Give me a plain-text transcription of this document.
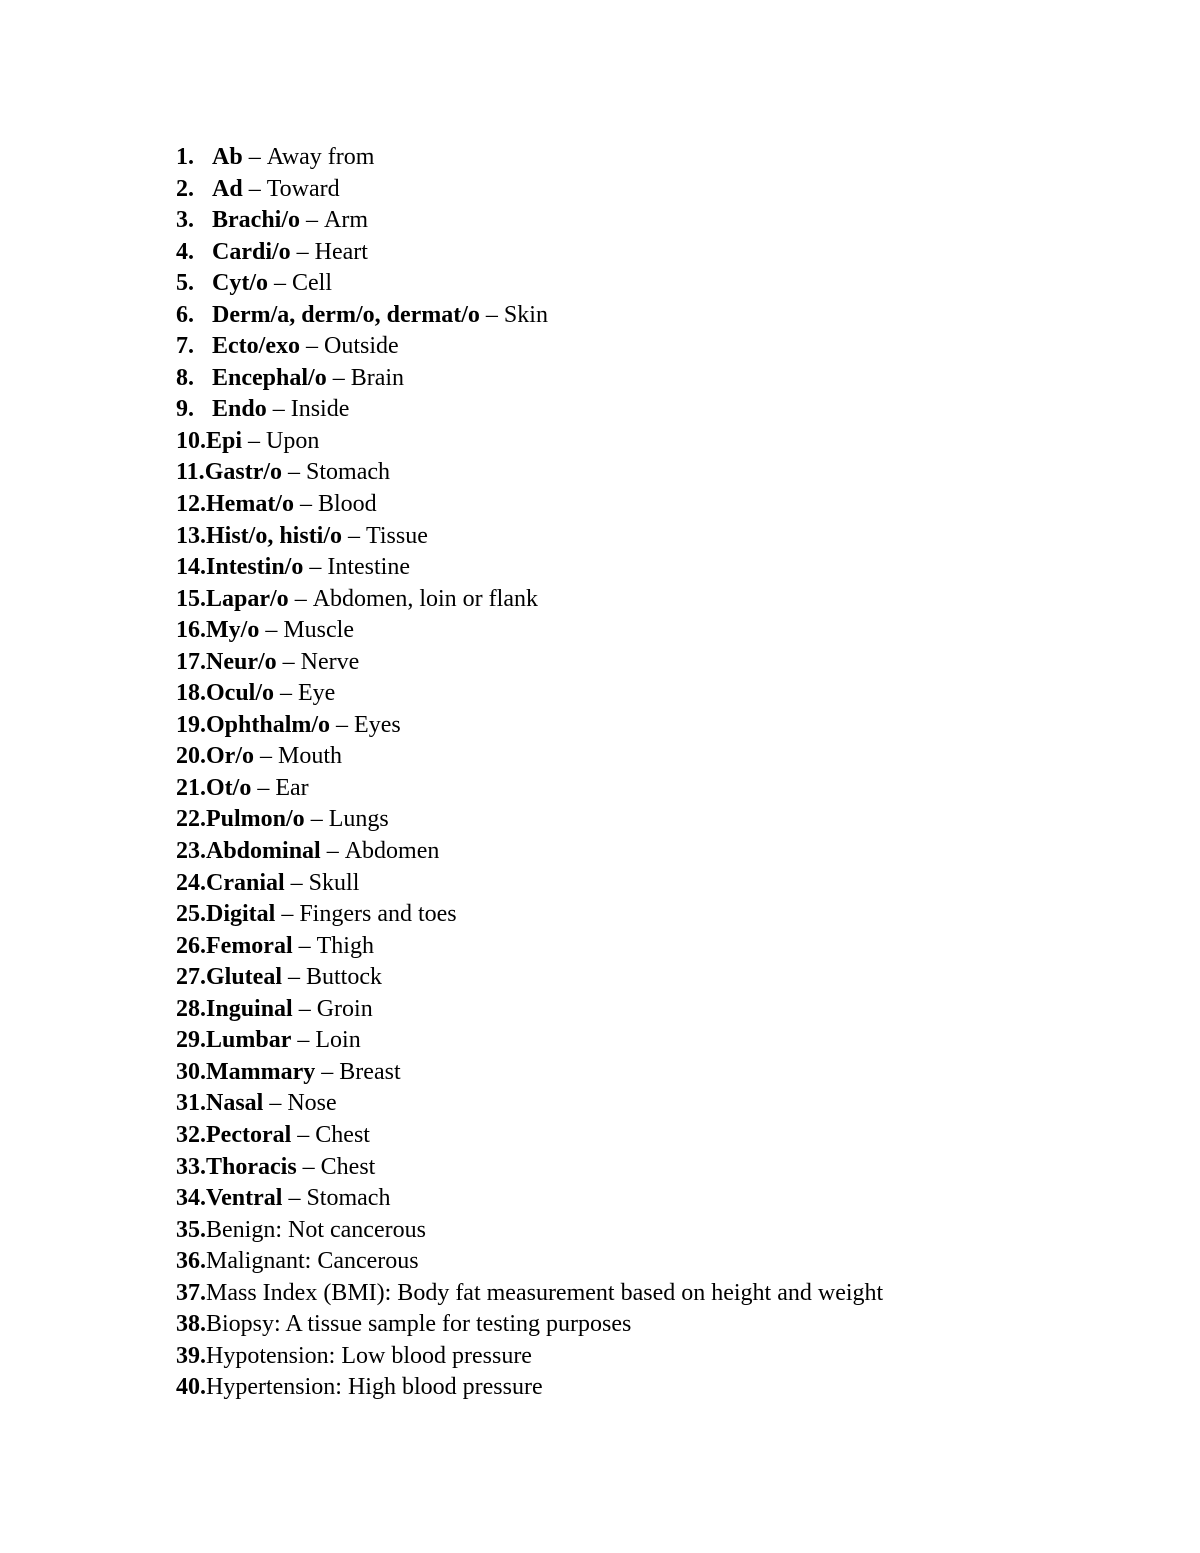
1. Ab – Away from
2. Ad – Toward
3. Brachi/o – Arm
4. Cardi/o – Heart
5. Cyt/o – Cell
6. Derm/a, derm/o, dermat/o – Skin
7. Ecto/exo – Outside
8. Encephal/o – Brain
9. Endo – Inside
10. Epi – Upon
11. Gastr/o – Stomach
12. Hemat/o – Blood
13. Hist/o, histi/o – Tissue
14. Intestin/o – Intestine
15. Lapar/o – Abdomen, loin or flank
16. My/o – Muscle
17. Neur/o – Nerve
18. Ocul/o – Eye
19. Ophthalm/o – Eyes
20. Or/o – Mouth
21. Ot/o – Ear
22. Pulmon/o – Lungs
23. Abdominal – Abdomen
24. Cranial – Skull
25. Digital – Fingers and toes
26. Femoral – Thigh
27. Gluteal – Buttock
28. Inguinal – Groin
29. Lumbar – Loin
30. Mammary – Breast
31. Nasal – Nose
32. Pectoral – Chest
33. Thoracis – Chest
34. Ventral – Stomach
35. Benign: Not cancerous
36. Malignant: Cancerous
37. Mass Index (BMI): Body fat measurement based on height and weight
38. Biopsy: A tissue sample for testing purposes
39. Hypotension: Low blood pressure
40. Hypertension: High blood pressure
